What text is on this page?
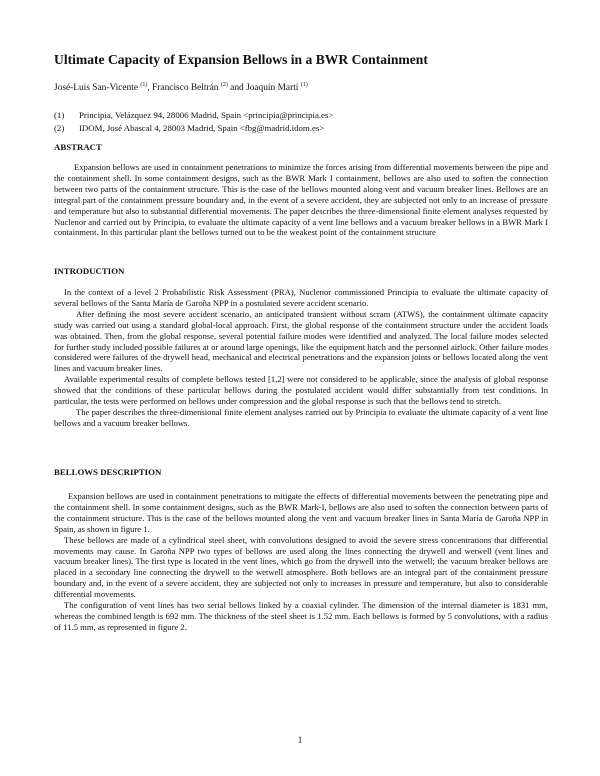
Ultimate Capacity of Expansion Bellows in a BWR Containment
José-Luis San-Vicente $^{(1)}$, Francisco Beltrán $^{(2)}$ and Joaquín Martí $^{(1)}$
(1)	Principia, Velázquez 94, 28006 Madrid, Spain <principia@principia.es>
(2)	IDOM, José Abascal 4, 28003 Madrid, Spain <fbg@madrid.idom.es>
ABSTRACT

Expansion bellows are used in containment penetrations to minimize the forces arising from differential movements between the pipe and the containment shell. In some containment designs, such as the BWR Mark I containment, bellows are also used to soften the connection between two parts of the containment structure. This is the case of the bellows mounted along vent and vacuum breaker lines. Bellows are an integral part of the containment pressure boundary and, in the event of a severe accident, they are subjected not only to an increase of pressure and temperature but also to substantial differential movements. The paper describes the three-dimensional finite element analyses requested by Nuclenor and carried out by Principia, to evaluate the ultimate capacity of a vent line bellows and a vacuum breaker bellows in a BWR Mark I containment. In this particular plant the bellows turned out to be the weakest point of the containment structure

INTRODUCTION

In the context of a level 2 Probabilistic Risk Assessment (PRA), Nuclenor commissioned Principia to evaluate the ultimate capacity of several bellows of the Santa María de Garoña NPP in a postulated severe accident scenario.

After defining the most severe accident scenario, an anticipated transient without scram (ATWS), the containment ultimate capacity study was carried out using a standard global-local approach. First, the global response of the containment structure under the accident loads was obtained. Then, from the global response, several potential failure modes were identified and analyzed. The local failure modes selected for further study included possible failures at or around large openings, like the equipment hatch and the personnel airlock. Other failure modes considered were failures of the drywell head, mechanical and electrical penetrations and the expansion joints or bellows located along the vent lines and vacuum breaker lines.

Available experimental results of complete bellows tested [1,2] were not considered to be applicable, since the analysis of global response showed that the conditions of these particular bellows during the postulated accident would differ substantially from test conditions. In particular, the tests were performed on bellows under compression and the global response is such that the bellows tend to stretch.

The paper describes the three-dimensional finite element analyses carried out by Principia to evaluate the ultimate capacity of a vent line bellows and a vacuum breaker bellows.

BELLOWS DESCRIPTION

Expansion bellows are used in containment penetrations to mitigate the effects of differential movements between the penetrating pipe and the containment shell. In some containment designs, such as the BWR Mark-I, bellows are also used to soften the connection between parts of the containment structure. This is the case of the bellows mounted along the vent and vacuum breaker lines in Santa María de Garoña NPP in Spain, as shown in figure 1.

These bellows are made of a cylindrical steel sheet, with convolutions designed to avoid the severe stress concentrations that differential movements may cause. In Garoña NPP two types of bellows are used along the lines connecting the drywell and wetwell (vent lines and vacuum breaker lines). The first type is located in the vent lines, which go from the drywell into the wetwell; the vacuum breaker bellows are placed in a secondary line connecting the drywell to the wetwell atmosphere. Both bellows are an integral part of the containment pressure boundary and, in the event of a severe accident, they are subjected not only to increases in pressure and temperature, but also to considerable differential movements.

The configuration of vent lines has two serial bellows linked by a coaxial cylinder. The dimension of the internal diameter is 1831 mm, whereas the combined length is 692 mm. The thickness of the steel sheet is 1.52 mm. Each bellows is formed by 5 convolutions, with a radius of 11.5 mm, as represented in figure 2.

1
